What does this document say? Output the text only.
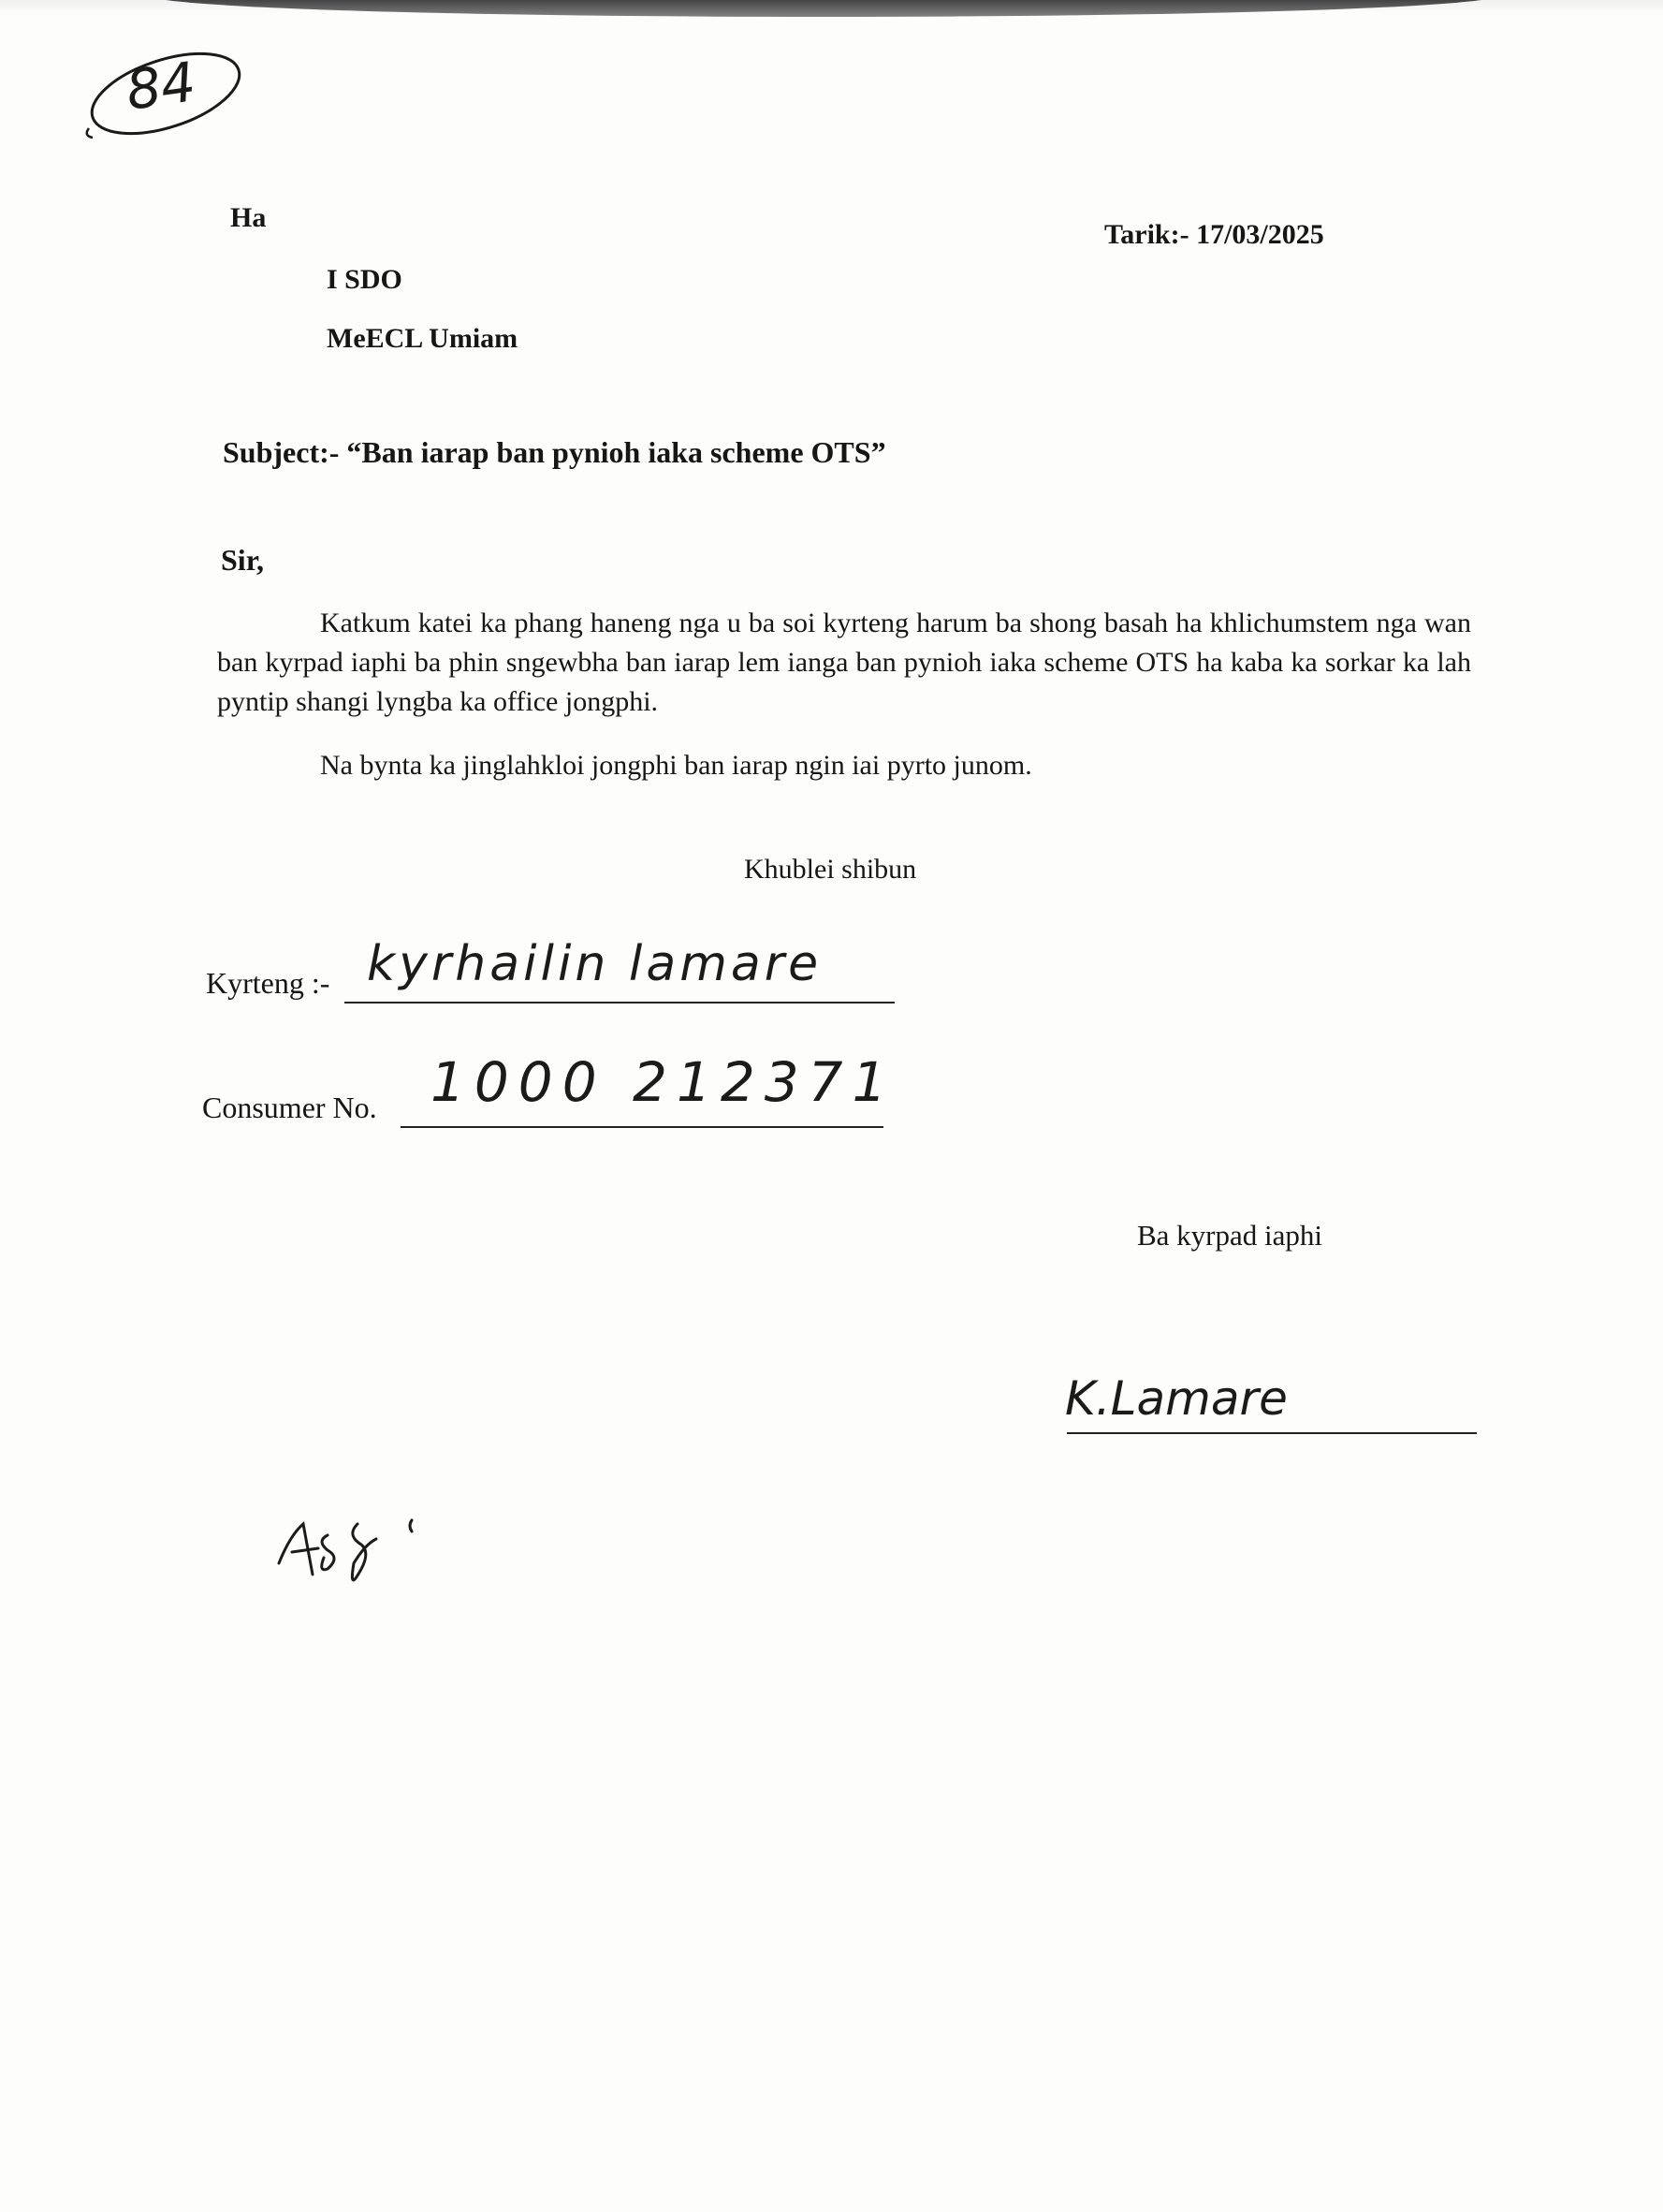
84
Ha
Tarik:- 17/03/2025
I SDO
MeECL Umiam
Subject:- “Ban iarap ban pynioh iaka scheme OTS”
Sir,

Katkum katei ka phang haneng nga u ba soi kyrteng harum ba shong basah ha khlichumstem nga wan ban kyrpad iaphi ba phin sngewbha ban iarap lem ianga ban pynioh iaka scheme OTS ha kaba ka sorkar ka lah pyntip shangi lyngba ka office jongphi.

Na bynta ka jinglahkloi jongphi ban iarap ngin iai pyrto junom.

Khublei shibun
Kyrteng :- kyrhailin lamare
Consumer No. 1000 212371
Ba kyrpad iaphi
K.Lamare
